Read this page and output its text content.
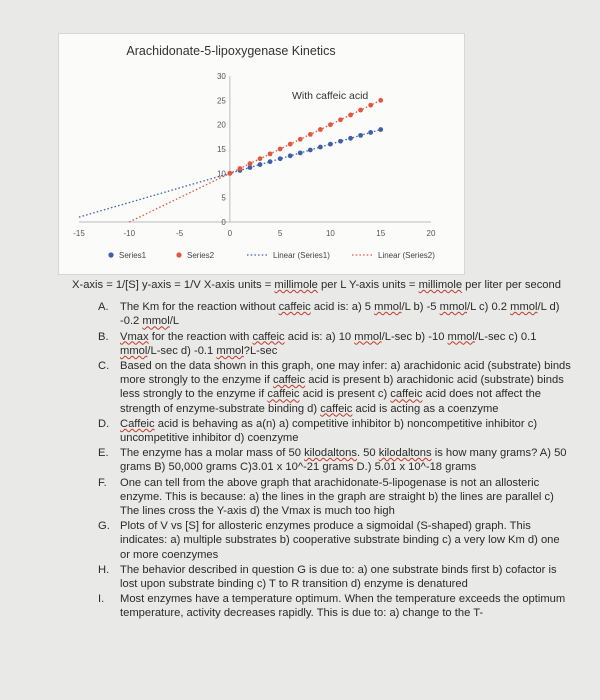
Arachidonate-5-lipoxygenase Kinetics
0
5
10
15
20
25
30
-15	-10	-5	0	5	10	15	20
With caffeic acid
Series1	Series2	Linear (Series1)	Linear (Series2)

X-axis = 1/[S] y-axis = 1/V X-axis units = millimole per L Y-axis units = millimole per liter per second

A. The Km for the reaction without caffeic acid is: a) 5 mmol/L b) -5 mmol/L c) 0.2 mmol/L d) -0.2 mmol/L
B. Vmax for the reaction with caffeic acid is: a) 10 mmol/L-sec b) -10 mmol/L-sec c) 0.1 mmol/L-sec d) -0.1 mmol?L-sec
C. Based on the data shown in this graph, one may infer: a) arachidonic acid (substrate) binds more strongly to the enzyme if caffeic acid is present b) arachidonic acid (substrate) binds less strongly to the enzyme if caffeic acid is present c) caffeic acid does not affect the strength of enzyme-substrate binding d) caffeic acid is acting as a coenzyme
D. Caffeic acid is behaving as a(n) a) competitive inhibitor b) noncompetitive inhibitor c) uncompetitive inhibitor d) coenzyme
E. The enzyme has a molar mass of 50 kilodaltons. 50 kilodaltons is how many grams? A) 50 grams B) 50,000 grams C)3.01 x 10^-21 grams D.) 5.01 x 10^-18 grams
F. One can tell from the above graph that arachidonate-5-lipogenase is not an allosteric enzyme. This is because: a) the lines in the graph are straight b) the lines are parallel c) The lines cross the Y-axis d) the Vmax is much too high
G. Plots of V vs [S] for allosteric enzymes produce a sigmoidal (S-shaped) graph. This indicates: a) multiple substrates b) cooperative substrate binding c) a very low Km d) one or more coenzymes
H. The behavior described in question G is due to: a) one substrate binds first b) cofactor is lost upon substrate binding c) T to R transition d) enzyme is denatured
I. Most enzymes have a temperature optimum. When the temperature exceeds the optimum temperature, activity decreases rapidly. This is due to: a) change to the T-
